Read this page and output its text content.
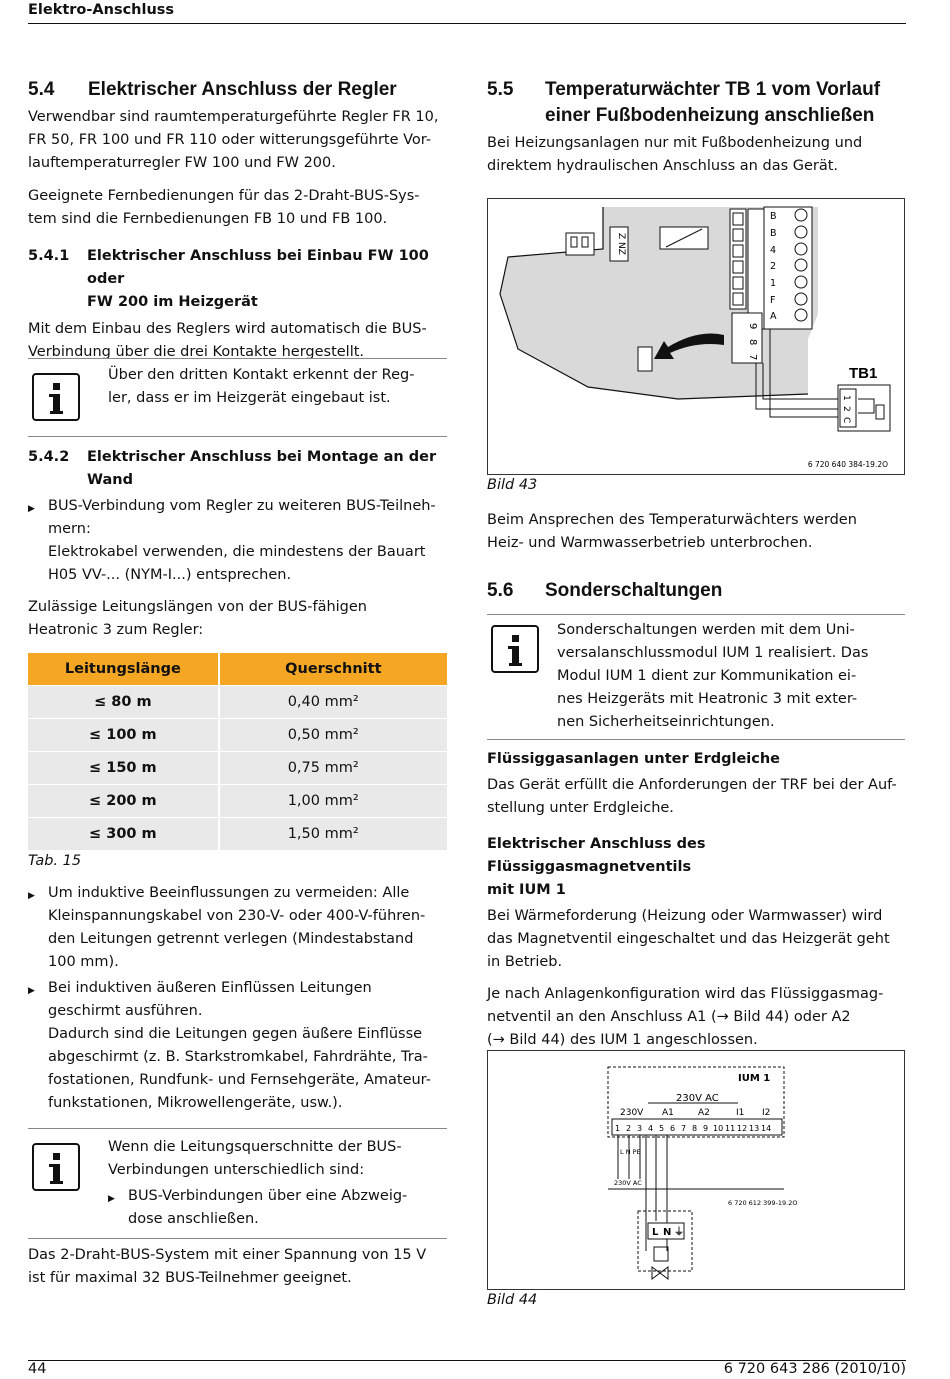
Elektro-Anschluss
5.4 Elektrischer Anschluss der Regler

Verwendbar sind raumtemperaturgeführte Regler FR 10,
FR 50, FR 100 und FR 110 oder witterungsgeführte Vor-
lauftemperaturregler FW 100 und FW 200.

Geeignete Fernbedienungen für das 2-Draht-BUS-Sys-
tem sind die Fernbedienungen FB 10 und FB 100.

5.4.1	Elektrischer Anschluss bei Einbau FW 100 oder
FW 200 im Heizgerät

Mit dem Einbau des Reglers wird automatisch die BUS-
Verbindung über die drei Kontakte hergestellt.

Über den dritten Kontakt erkennt der Reg-
ler, dass er im Heizgerät eingebaut ist.

5.4.2	Elektrischer Anschluss bei Montage an der
Wand
▶ BUS-Verbindung vom Regler zu weiteren BUS-Teilneh-
mern:
Elektrokabel verwenden, die mindestens der Bauart
H05 VV-... (NYM-I...) entsprechen.

Zulässige Leitungslängen von der BUS-fähigen
Heatronic 3 zum Regler:

Leitungslänge	Querschnitt
≤ 80 m	0,40 mm²
≤ 100 m	0,50 mm²
≤ 150 m	0,75 mm²
≤ 200 m	1,00 mm²
≤ 300 m	1,50 mm²
Tab. 15
▶ Um induktive Beeinflussungen zu vermeiden: Alle
Kleinspannungskabel von 230-V- oder 400-V-führen-
den Leitungen getrennt verlegen (Mindestabstand
100 mm).

▶ Bei induktiven äußeren Einflüssen Leitungen
geschirmt ausführen.
Dadurch sind die Leitungen gegen äußere Einflüsse
abgeschirmt (z. B. Starkstromkabel, Fahrdrähte, Tra-
fostationen, Rundfunk- und Fernsehgeräte, Amateur-
funkstationen, Mikrowellengeräte, usw.).

Wenn die Leitungsquerschnitte der BUS-
Verbindungen unterschiedlich sind:

▶ BUS-Verbindungen über eine Abzweig-
dose anschließen.

Das 2-Draht-BUS-System mit einer Spannung von 15 V
ist für maximal 32 BUS-Teilnehmer geeignet.

5.5	Temperaturwächter TB 1 vom Vorlauf
einer Fußbodenheizung anschließen

Bei Heizungsanlagen nur mit Fußbodenheizung und
direktem hydraulischen Anschluss an das Gerät.

Z NZ
B
B
4
2
1
F
A
9
8
7
TB1
1
2
C
6 720 640 384-19.2O
Bild 43

Beim Ansprechen des Temperaturwächters werden
Heiz- und Warmwasserbetrieb unterbrochen.

5.6 Sonderschaltungen

Sonderschaltungen werden mit dem Uni-
versalanschlussmodul IUM 1 realisiert. Das
Modul IUM 1 dient zur Kommunikation ei-
nes Heizgeräts mit Heatronic 3 mit exter-
nen Sicherheitseinrichtungen.

Flüssiggasanlagen unter Erdgleiche

Das Gerät erfüllt die Anforderungen der TRF bei der Auf-
stellung unter Erdgleiche.

Elektrischer Anschluss des Flüssiggasmagnetventils
mit IUM 1

Bei Wärmeforderung (Heizung oder Warmwasser) wird
das Magnetventil eingeschaltet und das Heizgerät geht
in Betrieb.

Je nach Anlagenkonfiguration wird das Flüssiggasmag-
netventil an den Anschluss A1 (→ Bild 44) oder A2
(→ Bild 44) des IUM 1 angeschlossen.

IUM 1
230V AC
230V A1	A2	I1 I2
1 2 3 4 5 6 7 8 9 10 11 12 13 14
L N PE
230V AC
6 720 612 399-19.2O
L N ⏚
Bild 44
44	6 720 643 286 (2010/10)
